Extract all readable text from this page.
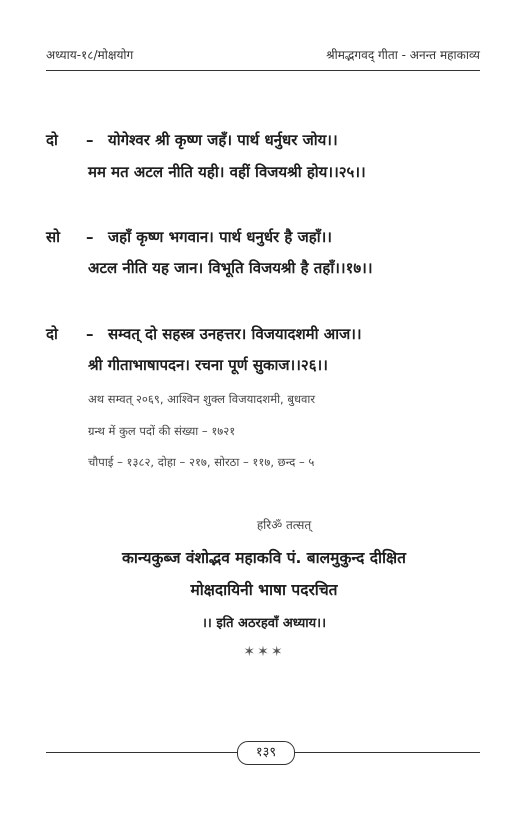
अध्याय-१८/मोक्षयोग	श्रीमद्भगवद् गीता - अनन्त महाकाव्य
दो – योगेश्वर श्री कृष्ण जहँ। पार्थ धर्नुधर जोय।।
मम मत अटल नीति यही। वहीं विजयश्री होय।।२५।।
सो – जहाँ कृष्ण भगवान। पार्थ धनुर्धर है जहाँ।।
अटल नीति यह जान। विभूति विजयश्री है तहाँ।।१७।।
दो – सम्वत् दो सहस्त्र उनहत्तर। विजयादशमी आज।।
श्री गीताभाषापदन। रचना पूर्ण सुकाज।।२६।।
अथ सम्वत् २०६९, आश्विन शुक्ल विजयादशमी, बुधवार
ग्रन्थ में कुल पदों की संख्या – १७२१
चौपाई – १३८२, दोहा – २१७, सोरठा – ११७, छन्द – ५
हरिॐ तत्सत्
कान्यकुब्ज वंशोद्भव महाकवि पं. बालमुकुन्द दीक्षित
मोक्षदायिनी भाषा पदरचित
।। इति अठरहवाँ अध्याय।।
✶✶✶
१३९
